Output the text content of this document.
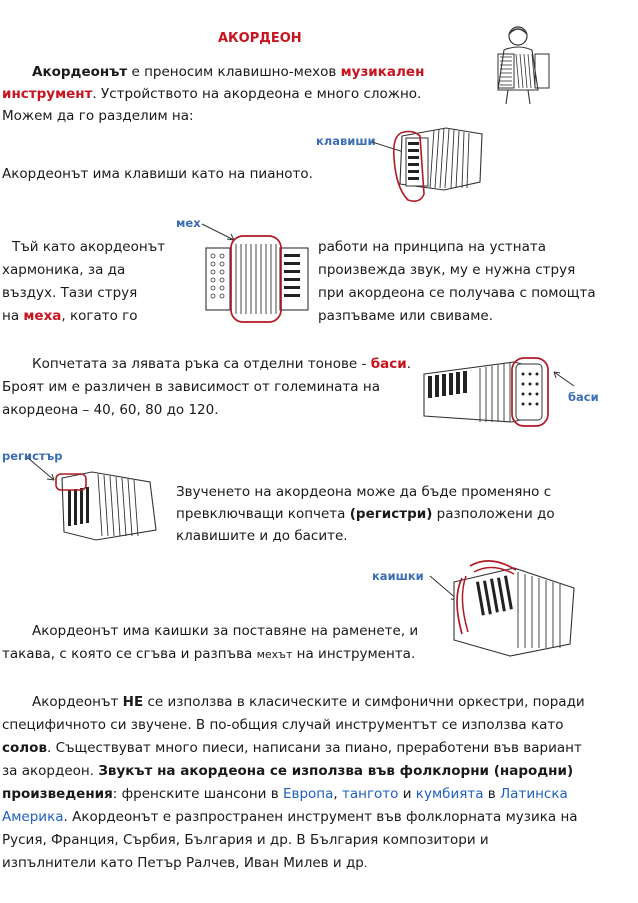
АКОРДЕОН
Акордеонът е преносим клавишно-мехов музикален
инструмент. Устройството на акордеона е много сложно.
Можем да го разделим на:
клавиши
Акордеонът има клавиши като на пианото.
мех
Тъй като акордеонът
хармоника, за да
въздух. Тази струя
на меха, когато го
работи на принципа на устната
произвежда звук, му е нужна струя
при акордеона се получава с помощта
разпъваме или свиваме.
Копчетата за лявата ръка са отделни тонове - баси.
Броят им е различен в зависимост от големината на
акордеона – 40, 60, 80 до 120.
баси
регистър
Звученето на акордеона може да бъде променяно с
превключващи копчета (регистри) разположени до
клавишите и до басите.
каишки
Акордеонът има каишки за поставяне на раменете, и
такава, с която се сгъва и разпъва мехът на инструмента.
Акордеонът НЕ се използва в класическите и симфонични оркестри, поради
специфичното си звучене. В по-общия случай инструментът се използва като
солов. Съществуват много пиеси, написани за пиано, преработени във вариант
за акордеон. Звукът на акордеона се използва във фолклорни (народни)
произведения: френските шансони в Европа, тангото и кумбията в Латинска
Америка. Акордеонът е разпространен инструмент във фолклорната музика на
Русия, Франция, Сърбия, България и др. В България композитори и
изпълнители като Петър Ралчев, Иван Милев и др.
